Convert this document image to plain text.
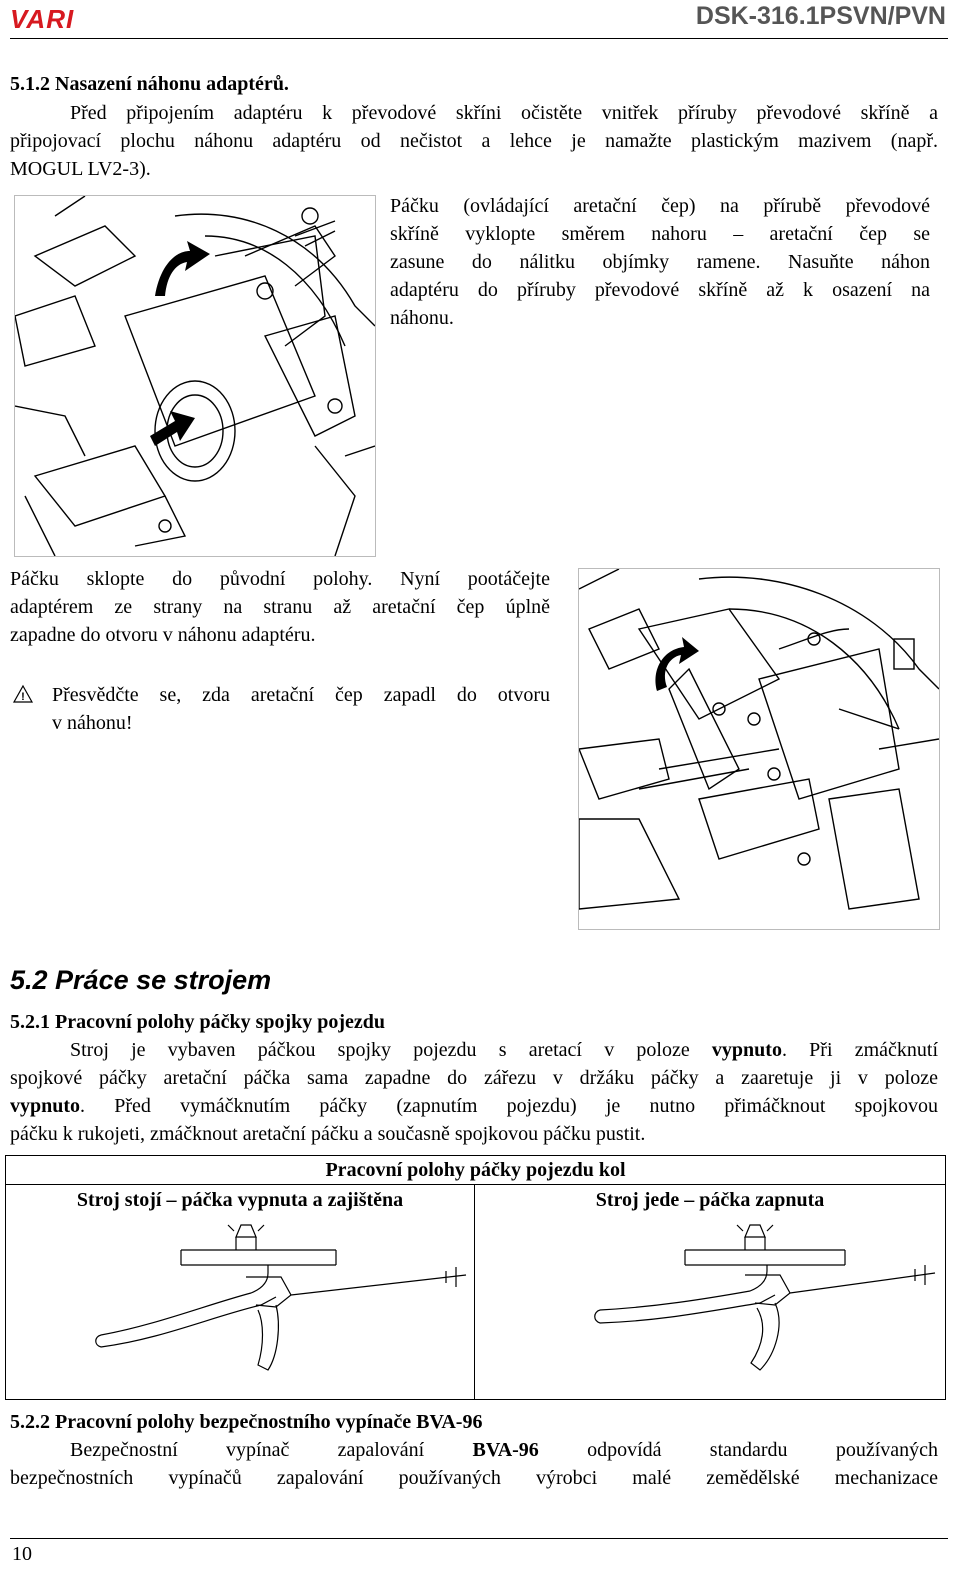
VARI	DSK-316.1PSVN/PVN
5.1.2 Nasazení náhonu adaptérů.
Před připojením adaptéru k převodové skříni očistěte vnitřek příruby převodové skříně a
připojovací plochu náhonu adaptéru od nečistot a lehce je namažte plastickým mazivem (např.
MOGUL LV2-3).
Páčku (ovládající aretační čep) na přírubě převodové
skříně vyklopte směrem nahoru – aretační čep se
zasune do nálitku objímky ramene. Nasuňte náhon
adaptéru do příruby převodové skříně až k osazení na
náhonu.
Páčku sklopte do původní polohy. Nyní pootáčejte
adaptérem ze strany na stranu až aretační čep úplně
zapadne do otvoru v náhonu adaptéru.
! Přesvědčte se, zda aretační čep zapadl do otvoru
v náhonu!
5.2 Práce se strojem
5.2.1 Pracovní polohy páčky spojky pojezdu
Stroj je vybaven páčkou spojky pojezdu s aretací v poloze vypnuto. Při zmáčknutí
spojkové páčky aretační páčka sama zapadne do zářezu v držáku páčky a zaaretuje ji v poloze
vypnuto. Před vymáčknutím páčky (zapnutím pojezdu) je nutno přimáčknout spojkovou
páčku k rukojeti, zmáčknout aretační páčku a současně spojkovou páčku pustit.
Pracovní polohy páčky pojezdu kol
Stroj stojí – páčka vypnuta a zajištěna	Stroj jede – páčka zapnuta
5.2.2 Pracovní polohy bezpečnostního vypínače BVA-96
Bezpečnostní vypínač zapalování BVA-96 odpovídá standardu používaných
bezpečnostních vypínačů zapalování používaných výrobci malé zemědělské mechanizace
10
